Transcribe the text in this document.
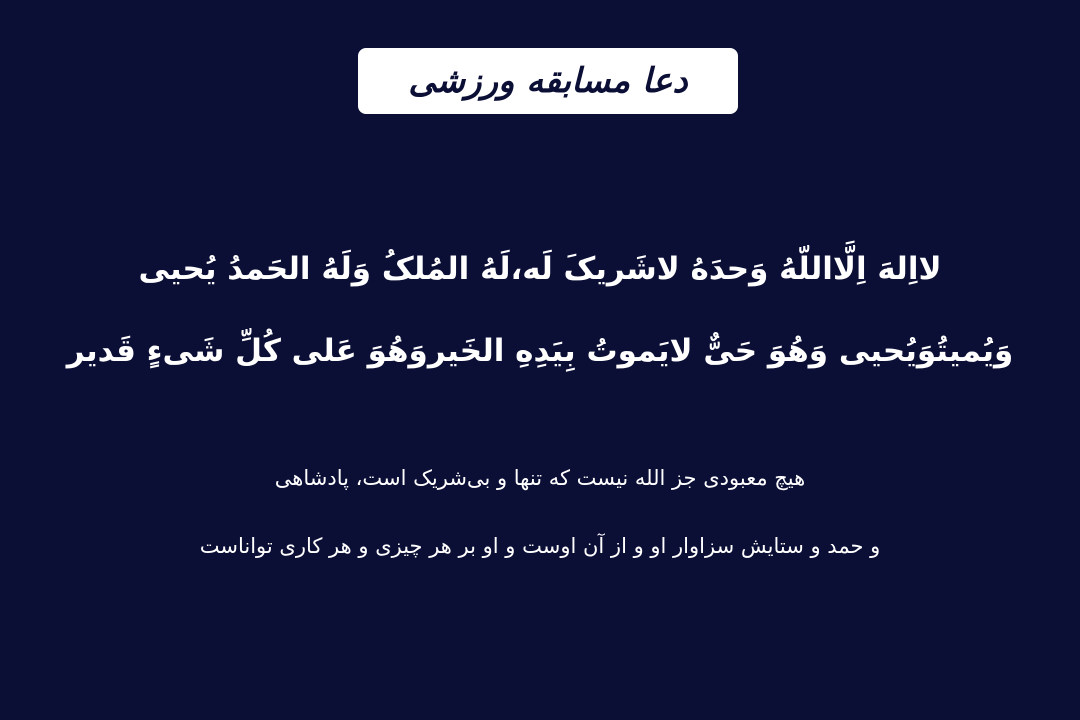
دعا مسابقه ورزشی
لااِلهَ اِلَّااللّهُ وَحدَهُ لاشَریکَ لَه،لَهُ المُلکُ وَلَهُ الحَمدُ یُحیی
وَیُمیتُوَیُحیی وَهُوَ حَیٌّ لایَموتُ بِیَدِهِ الخَیروَهُوَ عَلی کُلِّ شَیءٍ قَدیر
هیچ معبودی جز الله نیست که تنها و بی‌شریک است، پادشاهی
و حمد و ستایش سزاوار او و از آن اوست و او بر هر چیزی و هر کاری تواناست
